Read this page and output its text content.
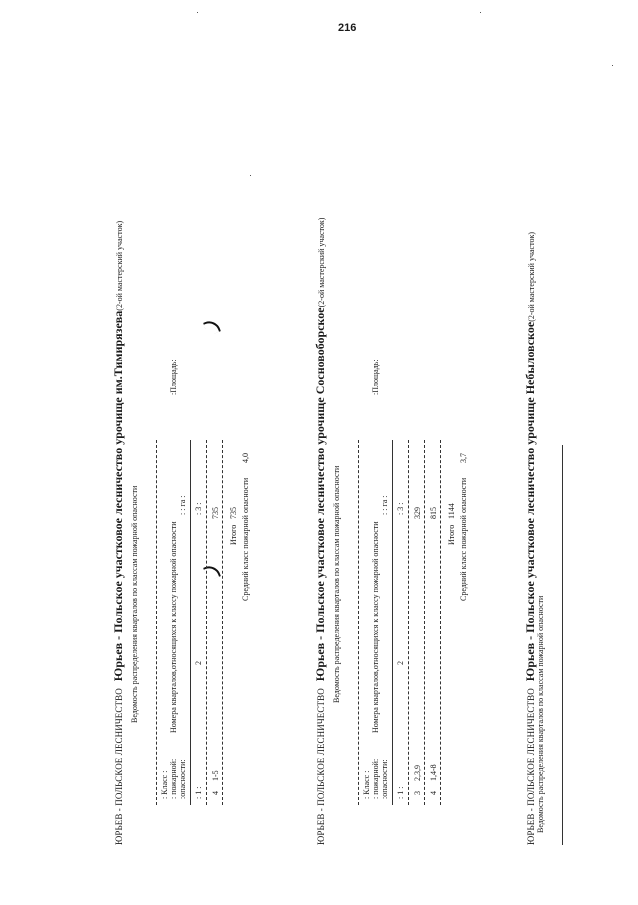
216
ЮРЬЕВ - ПОЛЬСКОЕ ЛЕСНИЧЕСТВО Юрьев - Польское участковое лесничество урочище им.Тимирязева(2-ой мастерский участок)
Ведомость распределения кварталов по классам пожарной опасности
: Класс : : пожарной: :опасности:
Номера кварталов,относящихся к классу пожарной опасности
: : га :
:Площадь:
: 1 :
2
: 3 :
4
1-5
735
Итого
735 Средний класс пожарной опасности
4,0
ЮРЬЕВ - ПОЛЬСКОЕ ЛЕСНИЧЕСТВО Юрьев - Польское участковое лесничество урочище Сосновоборское(2-ой мастерский участок)
Ведомость распределения кварталов по классам пожарной опасности
: Класс : : пожарной: :опасности:
Номера кварталов,относящихся к классу пожарной опасности
: : га :
:Площадь:
: 1 :
2
: 3 :
3
2,3,9
329
4
1,4-8
815
Итого
1144 Средний класс пожарной опасности
3,7
ЮРЬЕВ - ПОЛЬСКОЕ ЛЕСНИЧЕСТВО Юрьев - Польское участковое лесничество урочище Небыловское(2-ой мастерский участок)
Ведомость распределения кварталов по классам пожарной опасности
